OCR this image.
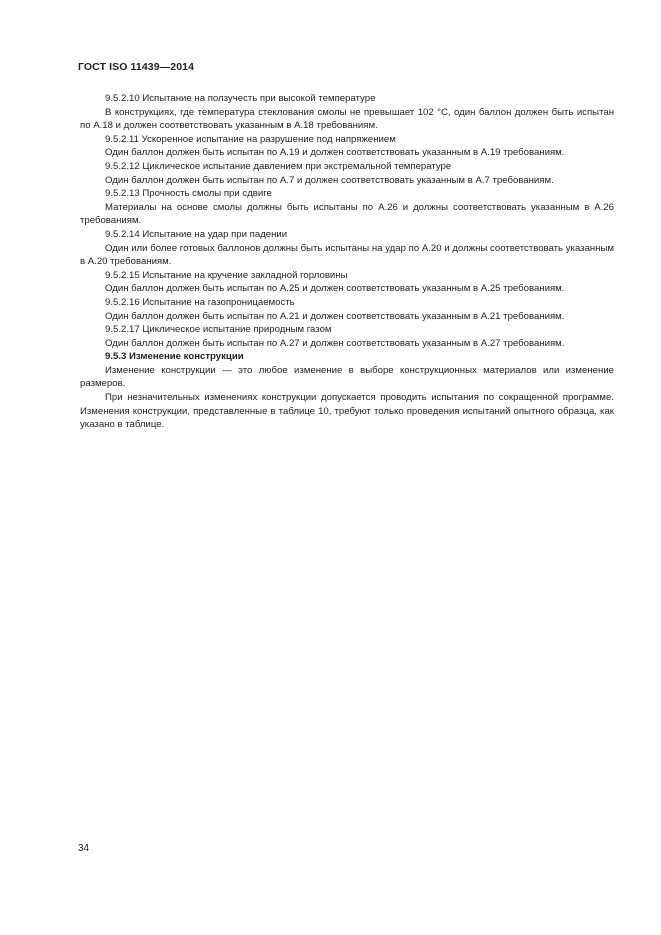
ГОСТ ISO 11439—2014

9.5.2.10 Испытание на ползучесть при высокой температуре

В конструкциях, где температура стеклования смолы не превышает 102 °С, один баллон должен быть испытан по А.18 и должен соответствовать указанным в А.18 требованиям.

9.5.2.11 Ускоренное испытание на разрушение под напряжением

Один баллон должен быть испытан по А.19 и должен соответствовать указанным в А.19 требованиям.

9.5.2.12 Циклическое испытание давлением при экстремальной температуре

Один баллон должен быть испытан по А.7 и должен соответствовать указанным в А.7 требованиям.

9.5.2.13 Прочность смолы при сдвиге

Материалы на основе смолы должны быть испытаны по А.26 и должны соответствовать указанным в А.26 требованиям.

9.5.2.14 Испытание на удар при падении

Один или более готовых баллонов должны быть испытаны на удар по А.20 и должны соответствовать указанным в А.20 требованиям.

9.5.2.15 Испытание на кручение закладной горловины

Один баллон должен быть испытан по А.25 и должен соответствовать указанным в А.25 требованиям.

9.5.2.16 Испытание на газопроницаемость

Один баллон должен быть испытан по А.21 и должен соответствовать указанным в А.21 требованиям.

9.5.2.17 Циклическое испытание природным газом

Один баллон должен быть испытан по А.27 и должен соответствовать указанным в А.27 требованиям.

9.5.3 Изменение конструкции

Изменение конструкции — это любое изменение в выборе конструкционных материалов или изменение размеров.

При незначительных изменениях конструкции допускается проводить испытания по сокращенной программе. Изменения конструкции, представленные в таблице 10, требуют только проведения испытаний опытного образца, как указано в таблице.

34
